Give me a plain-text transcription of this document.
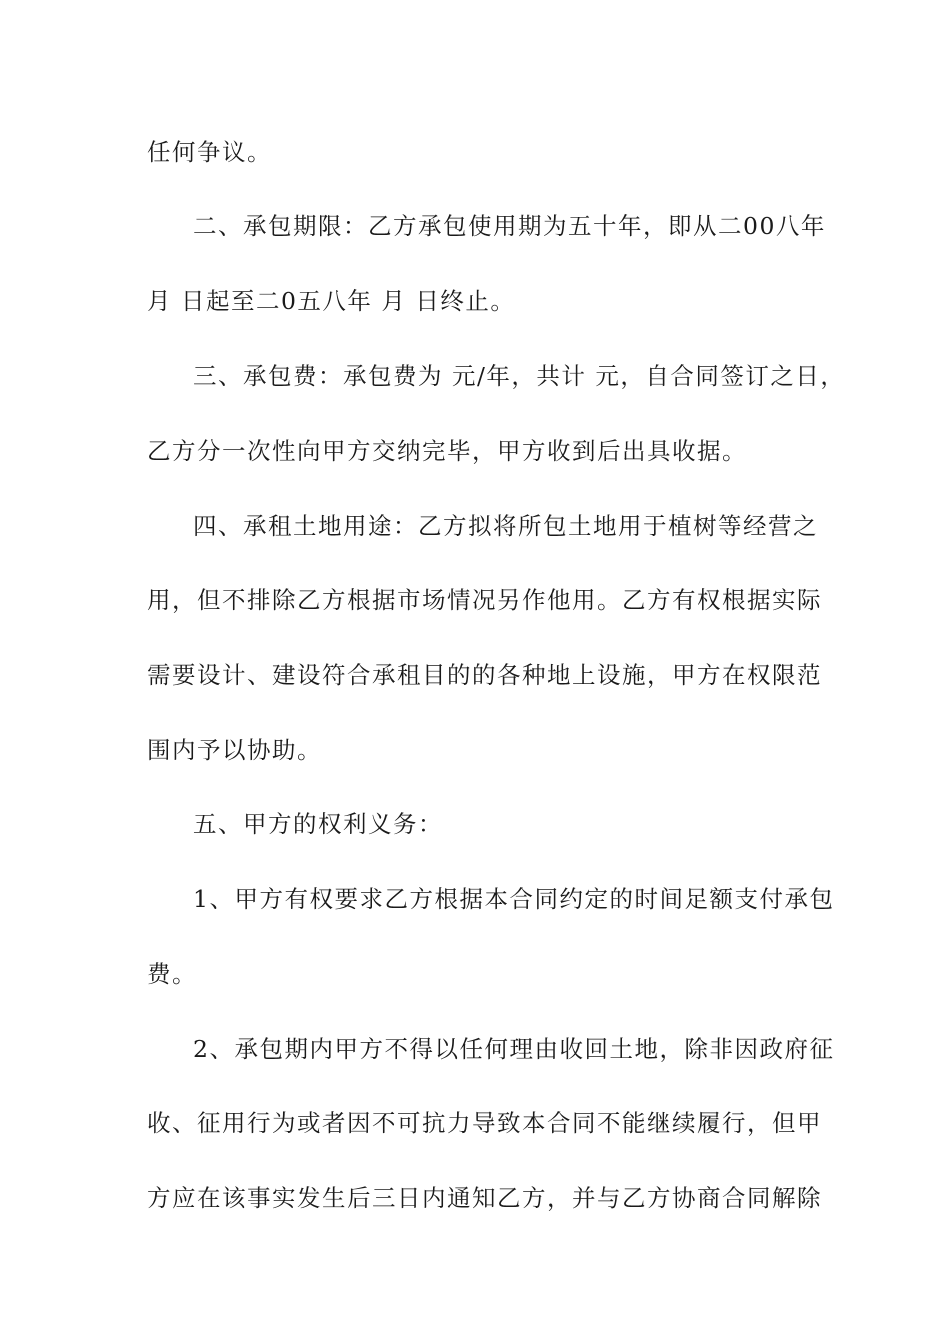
任何争议。
二、承包期限：乙方承包使用期为五十年，即从二00八年
月 日起至二0五八年 月 日终止。
三、承包费：承包费为 元/年，共计 元，自合同签订之日，
乙方分一次性向甲方交纳完毕，甲方收到后出具收据。
四、承租土地用途：乙方拟将所包土地用于植树等经营之
用，但不排除乙方根据市场情况另作他用。乙方有权根据实际
需要设计、建设符合承租目的的各种地上设施，甲方在权限范
围内予以协助。
五、甲方的权利义务：
1、甲方有权要求乙方根据本合同约定的时间足额支付承包
费。
2、承包期内甲方不得以任何理由收回土地，除非因政府征
收、征用行为或者因不可抗力导致本合同不能继续履行，但甲
方应在该事实发生后三日内通知乙方，并与乙方协商合同解除
